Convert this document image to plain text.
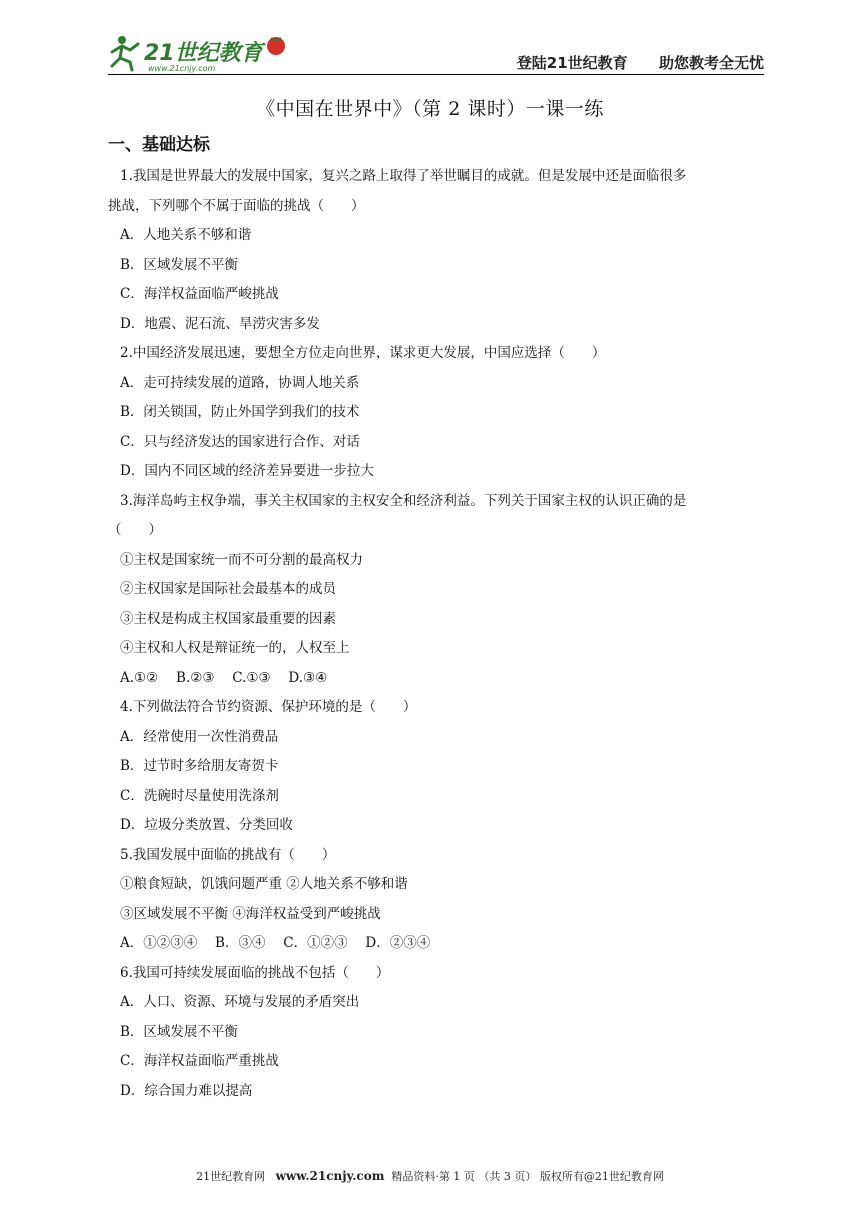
21世纪教育
www.21cnjy.com	登陆21世纪教育 助您教考全无忧
《中国在世界中》（第 2 课时）一课一练
一、基础达标
1.我国是世界最大的发展中国家，复兴之路上取得了举世瞩目的成就。但是发展中还是面临很多
挑战，下列哪个不属于面临的挑战（　　）
A．人地关系不够和谐
B．区域发展不平衡
C．海洋权益面临严峻挑战
D．地震、泥石流、旱涝灾害多发
2.中国经济发展迅速，要想全方位走向世界，谋求更大发展，中国应选择（　　）
A．走可持续发展的道路，协调人地关系
B．闭关锁国，防止外国学到我们的技术
C．只与经济发达的国家进行合作、对话
D．国内不同区域的经济差异要进一步拉大
3.海洋岛屿主权争端，事关主权国家的主权安全和经济利益。下列关于国家主权的认识正确的是
（　　）
①主权是国家统一而不可分割的最高权力
②主权国家是国际社会最基本的成员
③主权是构成主权国家最重要的因素
④主权和人权是辩证统一的，人权至上
A.①②　 B.②③　 C.①③　 D.③④
4.下列做法符合节约资源、保护环境的是（　　）
A．经常使用一次性消费品
B．过节时多给朋友寄贺卡
C．洗碗时尽量使用洗涤剂
D．垃圾分类放置、分类回收
5.我国发展中面临的挑战有（　　）
①粮食短缺，饥饿问题严重 ②人地关系不够和谐
③区域发展不平衡 ④海洋权益受到严峻挑战
A．①②③④　 B．③④　 C．①②③　 D．②③④
6.我国可持续发展面临的挑战不包括（　　）
A．人口、资源、环境与发展的矛盾突出
B．区域发展不平衡
C．海洋权益面临严重挑战
D．综合国力难以提高
21世纪教育网 www.21cnjy.com 精品资料·第 1 页 （共 3 页） 版权所有@21世纪教育网
